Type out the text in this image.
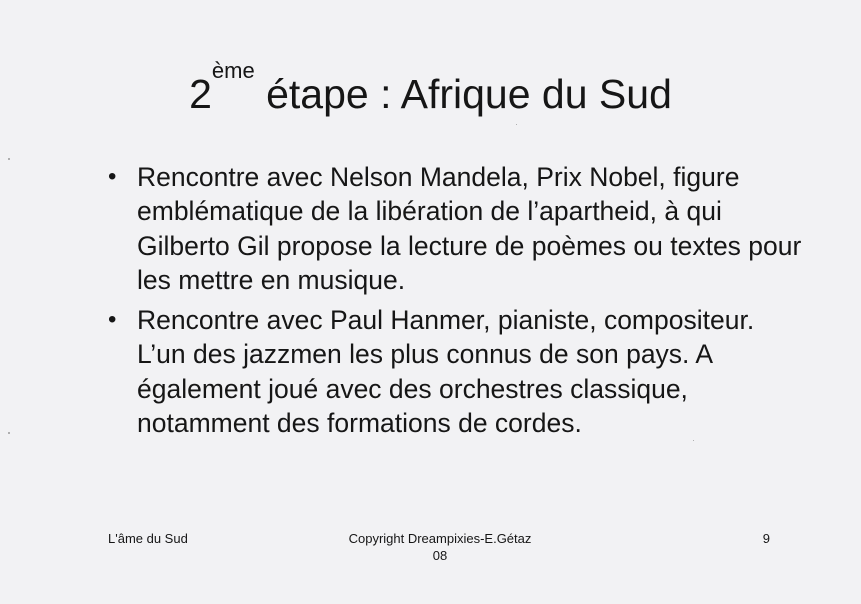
2ème étape : Afrique du Sud
• Rencontre avec Nelson Mandela, Prix Nobel, figure emblématique de la libération de l’apartheid, à qui Gilberto Gil propose la lecture de poèmes ou textes pour les mettre en musique.
• Rencontre avec Paul Hanmer, pianiste, compositeur. L’un des jazzmen les plus connus de son pays. A également joué avec des orchestres classique, notamment des formations de cordes.
L'âme du Sud	Copyright Dreampixies-E.Gétaz
08
9
